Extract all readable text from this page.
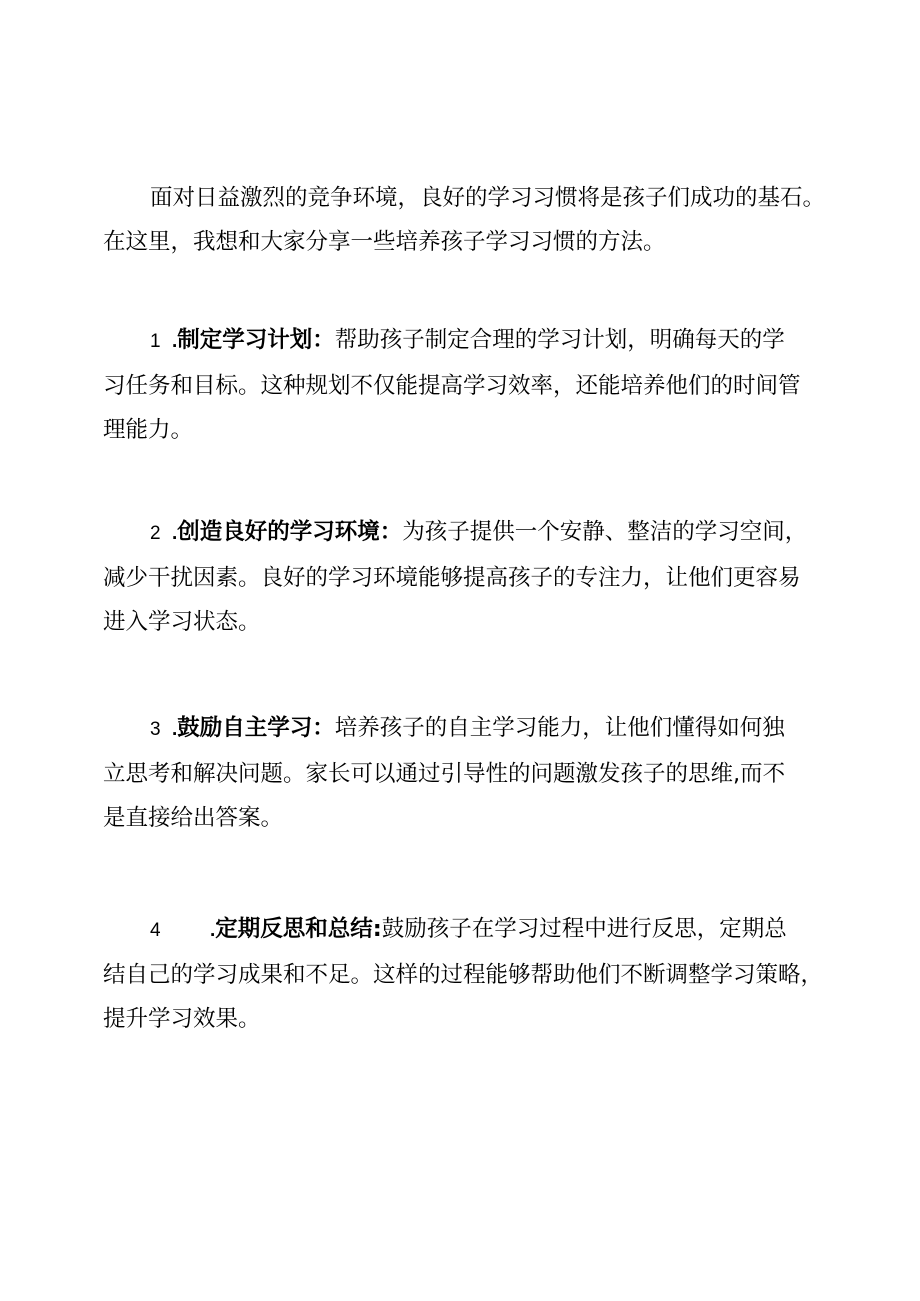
面对日益激烈的竞争环境，良好的学习习惯将是孩子们成功的基石。
在这里，我想和大家分享一些培养孩子学习习惯的方法。

1 .制定学习计划：帮助孩子制定合理的学习计划，明确每天的学
习任务和目标。这种规划不仅能提高学习效率，还能培养他们的时间管
理能力。

2 .创造良好的学习环境：为孩子提供一个安静、整洁的学习空间，
减少干扰因素。良好的学习环境能够提高孩子的专注力，让他们更容易
进入学习状态。

3 .鼓励自主学习：培养孩子的自主学习能力，让他们懂得如何独
立思考和解决问题。家长可以通过引导性的问题激发孩子的思维,而不
是直接给出答案。

4	.定期反思和总结:鼓励孩子在学习过程中进行反思，定期总
结自己的学习成果和不足。这样的过程能够帮助他们不断调整学习策略，
提升学习效果。
